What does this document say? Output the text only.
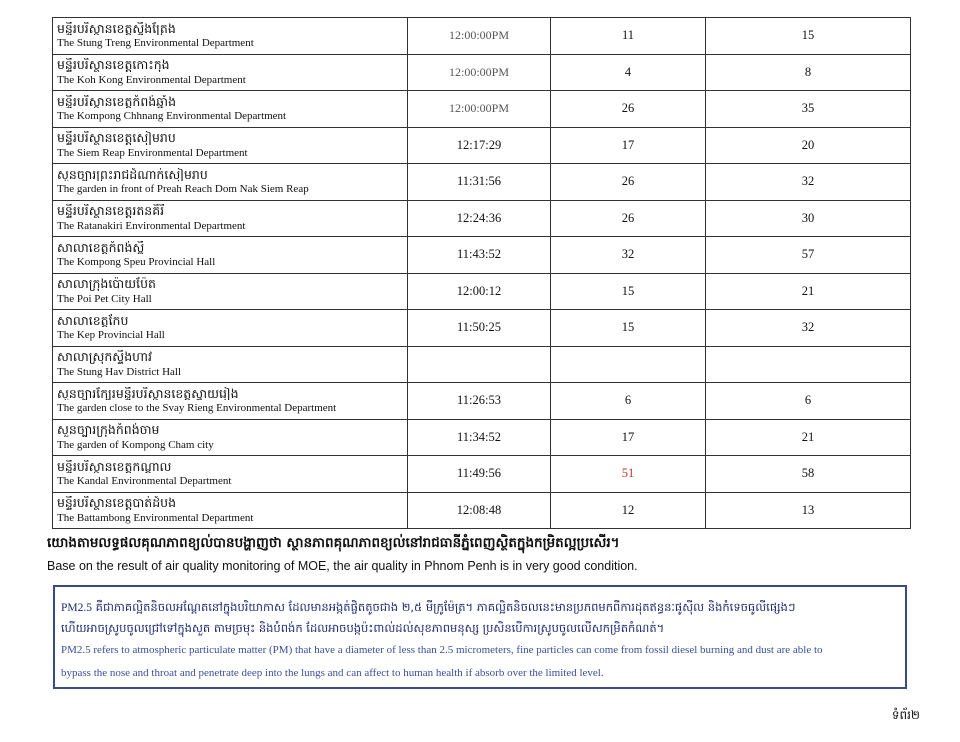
មន្ទីរបរិស្ថានខេត្តស្ទឹងត្រែង
The Stung Treng Environmental Department	12:00:00PM	11	15

មន្ទីរបរិស្ថានខេត្តកោះកុង
The Koh Kong Environmental Department	12:00:00PM	4	8

មន្ទីរបរិស្ថានខេត្តកំពង់ឆ្នាំង
The Kompong Chhnang Environmental Department	12:00:00PM	26	35

មន្ទីរបរិស្ថានខេត្តសៀមរាប
The Siem Reap Environmental Department	12:17:29	17	20

សួនច្បារព្រះរាជដំណាក់សៀមរាប
The garden in front of Preah Reach Dom Nak Siem Reap	11:31:56	26	32

មន្ទីរបរិស្ថានខេត្តរតនគិរី
The Ratanakiri Environmental Department	12:24:36	26	30

សាលាខេត្តកំពង់ស្ពឺ
The Kompong Speu Provincial Hall	11:43:52	32	57

សាលាក្រុងប៉ោយប៉ែត
The Poi Pet City Hall	12:00:12	15	21

សាលាខេត្តកែប
The Kep Provincial Hall	11:50:25	15	32

សាលាស្រុកស្ទឹងហាវ
The Stung Hav District Hall			

សួនច្បារក្បែរមន្ទីរបរិស្ថានខេត្តស្វាយរៀង
The garden close to the Svay Rieng Environmental Department	11:26:53	6	6

សួនច្បារក្រុងកំពង់ចាម
The garden of Kompong Cham city	11:34:52	17	21

មន្ទីរបរិស្ថានខេត្តកណ្ដាល
The Kandal Environmental Department	11:49:56	51	58

មន្ទីរបរិស្ថានខេត្តបាត់ដំបង
The Battambong Environmental Department	12:08:48	12	13
យោងតាមលទ្ធផលគុណភាពខ្យល់បានបង្ហាញថា ស្ថានភាពគុណភាពខ្យល់នៅរាជធានីភ្នំពេញស្ថិតក្នុងកម្រិតល្អប្រសើរ។
Base on the result of air quality monitoring of MOE, the air quality in Phnom Penh is in very good condition.
PM2.5 គឺជាភាគល្អិតនិចលអណ្តែតនៅក្នុងបរិយាកាស ដែលមានអង្កត់ផ្ចិតតូចជាង ២,៥ មីក្រូម៉ែត្រ។ ភាគល្អិតនិចលនេះមានប្រភពមកពីការដុតឥន្ធនៈផូស៊ីល និងកំទេចធូលីផ្សេងៗ
ហើយអាចស្រូបចូលជ្រៅទៅក្នុងសួត តាមច្រមុះ និងបំពង់ក ដែលអាចបង្កប៉ះពាល់ដល់សុខភាពមនុស្ស ប្រសិនបើការស្រូបចូលលើសកម្រិតកំណត់។
PM2.5 refers to atmospheric particulate matter (PM) that have a diameter of less than 2.5 micrometers, fine particles can come from fossil diesel burning and dust are able to
bypass the nose and throat and penetrate deep into the lungs and can affect to human health if absorb over the limited level.
ទំព័រ២
